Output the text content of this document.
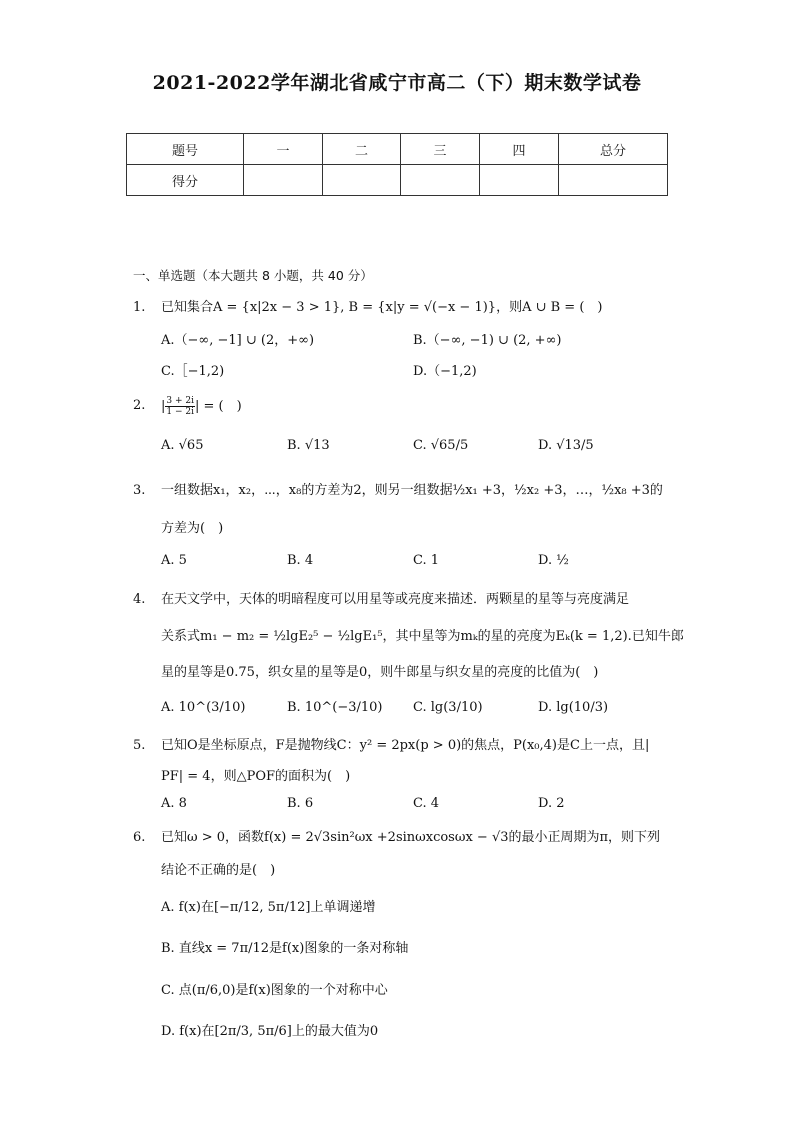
2021-2022学年湖北省咸宁市高二（下）期末数学试卷
题号	一	二	三	四	总分
得分					
一、单选题（本大题共 8 小题，共 40 分）
1.	已知集合A = {x|2x − 3 > 1}, B = {x|y = √(−x − 1)}，则A ∪ B = (　)
A.（−∞, −1] ∪ (2，+∞)	B.（−∞, −1) ∪ (2, +∞)
C.［−1,2)	D.（−1,2)
2.	| $\frac{3 + 2i}{1 - 2i}$ | = (　)
A. √65	B. √13	C. √65/5	D. √13/5
3.	一组数据x₁，x₂，⋯，x₈的方差为2，则另一组数据½x₁ +3，½x₂ +3，…，½x₈ +3的
方差为(　)
A. 5	B. 4	C. 1	D. ½
4.	在天文学中，天体的明暗程度可以用星等或亮度来描述．两颗星的星等与亮度满足
关系式m₁ − m₂ = ½lgE₂⁵ − ½lgE₁⁵，其中星等为mₖ的星的亮度为Eₖ(k = 1,2).已知牛郎
星的星等是0.75，织女星的星等是0，则牛郎星与织女星的亮度的比值为(　)
A. 10^(3/10)	B. 10^(−3/10) C. lg(3/10)	D. lg(10/3)
5.	已知O是坐标原点，F是抛物线C：y² = 2px(p > 0)的焦点，P(x₀,4)是C上一点，且|
PF| = 4，则△POF的面积为(　)
A. 8	B. 6	C. 4	D. 2
6.	已知ω > 0，函数f(x) = 2√3sin²ωx +2sinωxcosωx − √3的最小正周期为π，则下列
结论不正确的是(　)
A. f(x)在[−π/12, 5π/12]上单调递增
B. 直线x = 7π/12是f(x)图象的一条对称轴
C. 点(π/6,0)是f(x)图象的一个对称中心
D. f(x)在[2π/3, 5π/6]上的最大值为0
